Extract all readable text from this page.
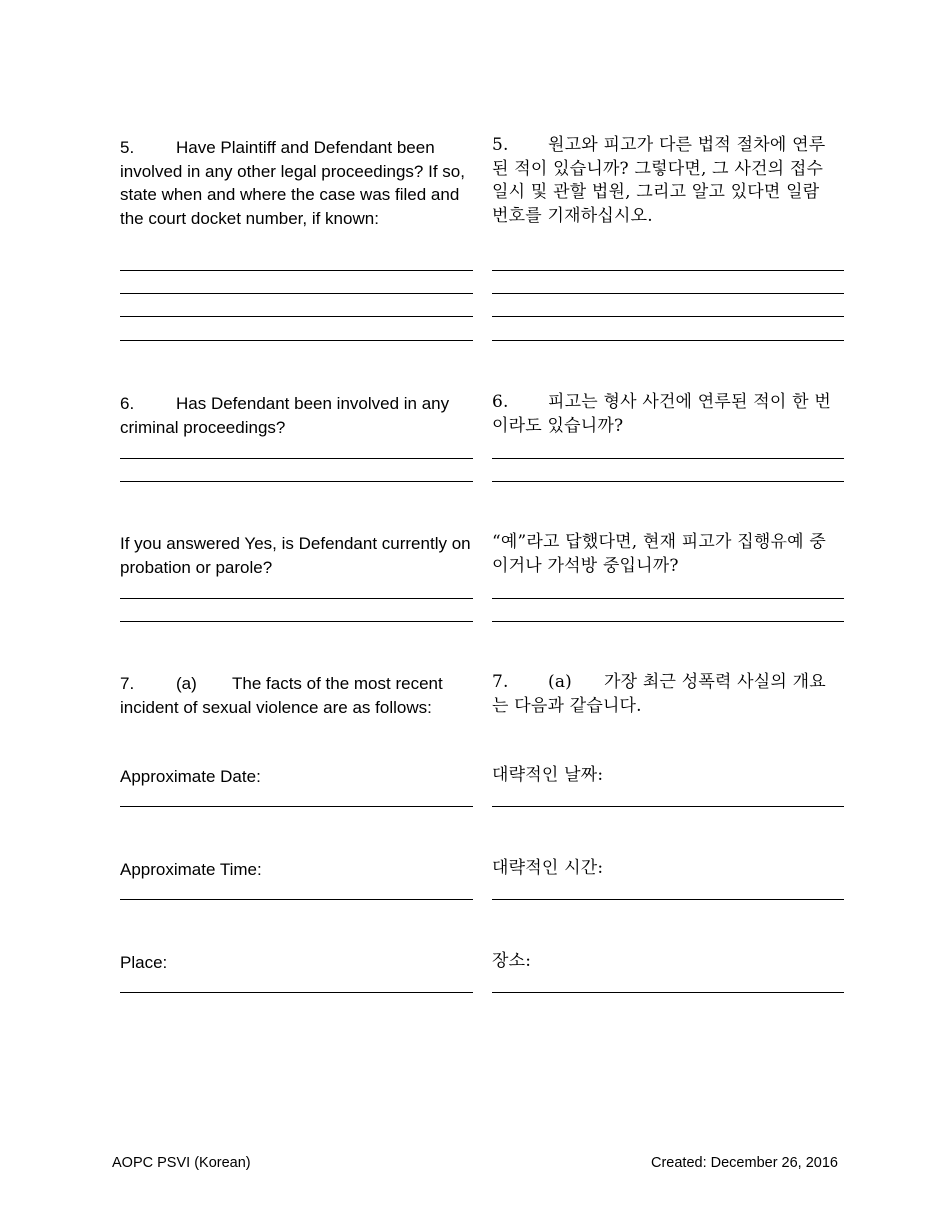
5. Have Plaintiff and Defendant been involved in any other legal proceedings? If so, state when and where the case was filed and the court docket number, if known:
5. 원고와 피고가 다른 법적 절차에 연루된 적이 있습니까? 그렇다면, 그 사건의 접수 일시 및 관할 법원, 그리고 알고 있다면 일람 번호를 기재하십시오.
6. Has Defendant been involved in any criminal proceedings?
6. 피고는 형사 사건에 연루된 적이 한 번이라도 있습니까?
If you answered Yes, is Defendant currently on probation or parole?
“예”라고 답했다면, 현재 피고가 집행유예 중이거나 가석방 중입니까?
7. (a) The facts of the most recent incident of sexual violence are as follows:
7. (a) 가장 최근 성폭력 사실의 개요는 다음과 같습니다.
Approximate Date:	대략적인 날짜:
Approximate Time:	대략적인 시간:
Place:	장소:
AOPC PSVI (Korean)	Created: December 26, 2016
